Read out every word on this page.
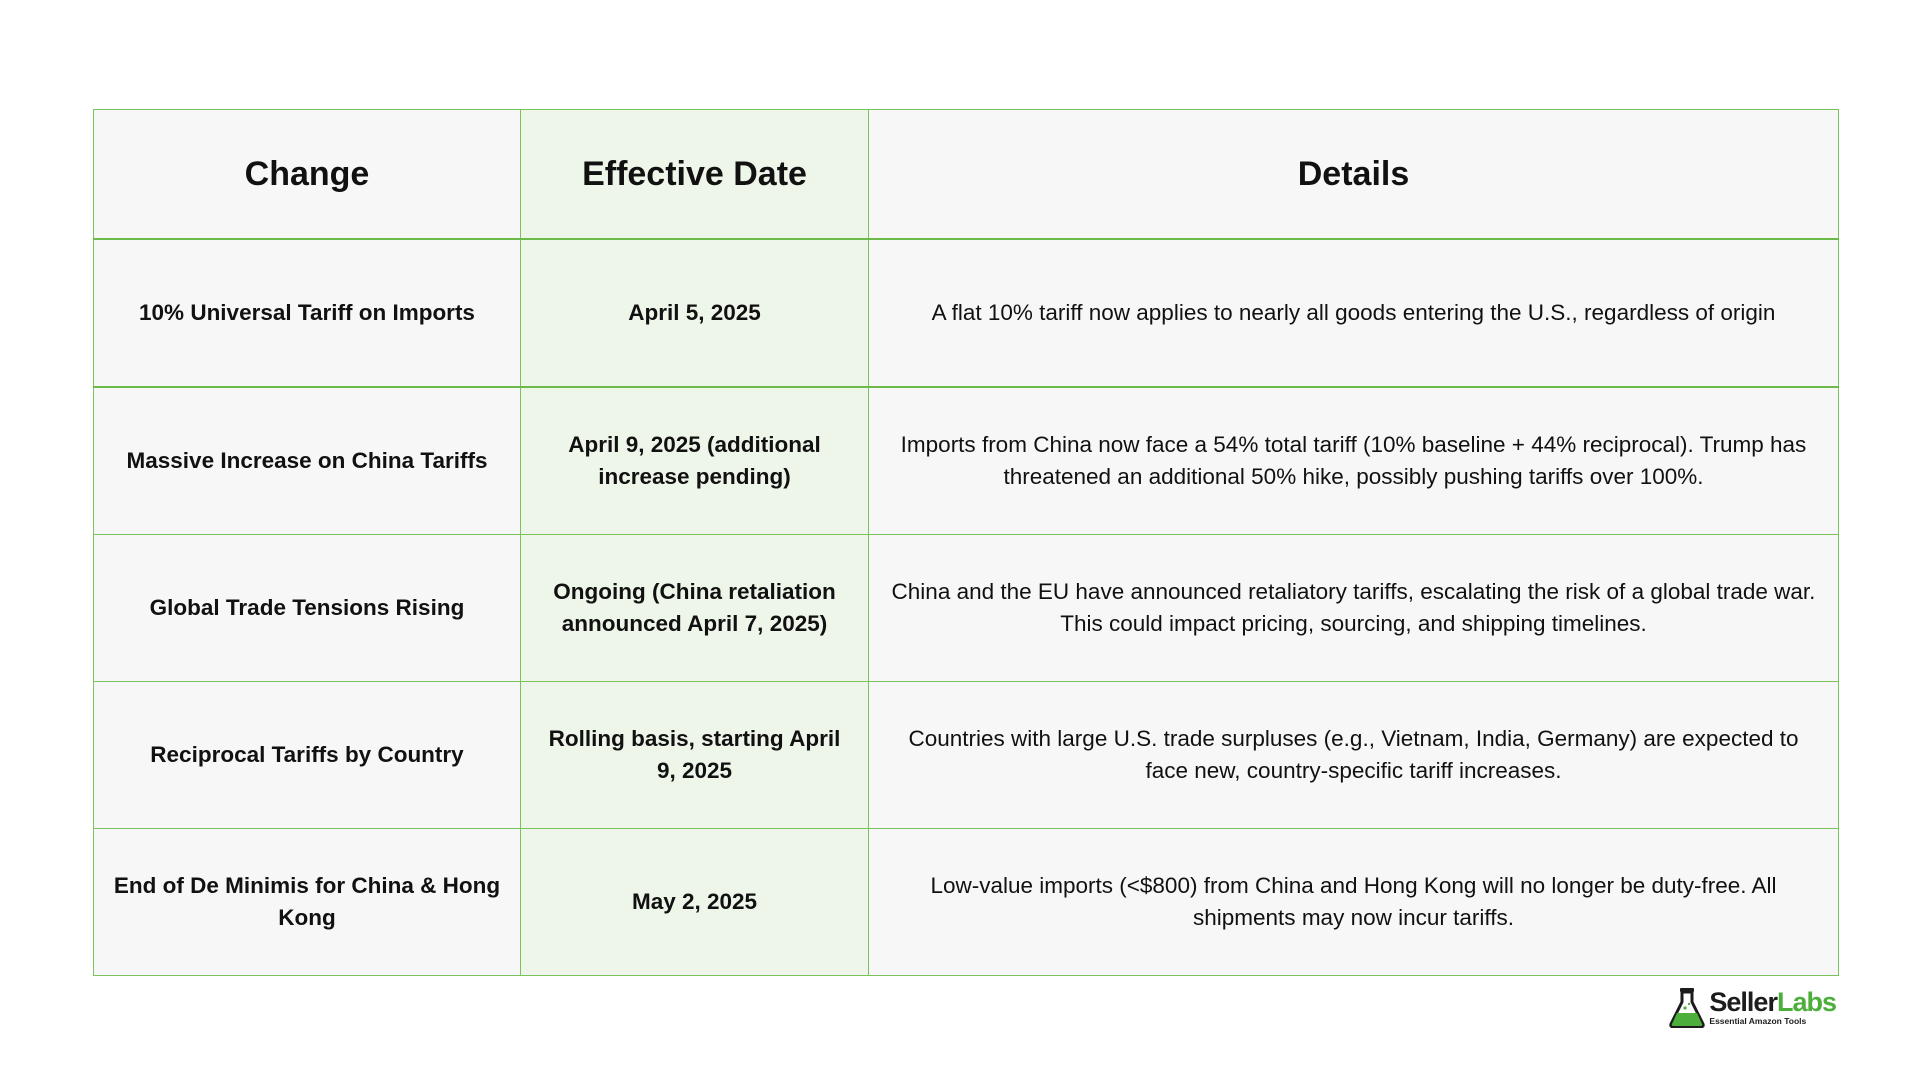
Change	Effective Date	Details
10% Universal Tariff on Imports	April 5, 2025	A flat 10% tariff now applies to nearly all goods entering the U.S., regardless of origin
Massive Increase on China Tariffs	April 9, 2025 (additional increase pending)	Imports from China now face a 54% total tariff (10% baseline + 44% reciprocal). Trump has threatened an additional 50% hike, possibly pushing tariffs over 100%.
Global Trade Tensions Rising	Ongoing (China retaliation announced April 7, 2025)	China and the EU have announced retaliatory tariffs, escalating the risk of a global trade war. This could impact pricing, sourcing, and shipping timelines.
Reciprocal Tariffs by Country	Rolling basis, starting April 9, 2025	Countries with large U.S. trade surpluses (e.g., Vietnam, India, Germany) are expected to face new, country-specific tariff increases.
End of De Minimis for China & Hong Kong	May 2, 2025	Low-value imports (<$800) from China and Hong Kong will no longer be duty-free. All shipments may now incur tariffs.
SellerLabs
Essential Amazon Tools
